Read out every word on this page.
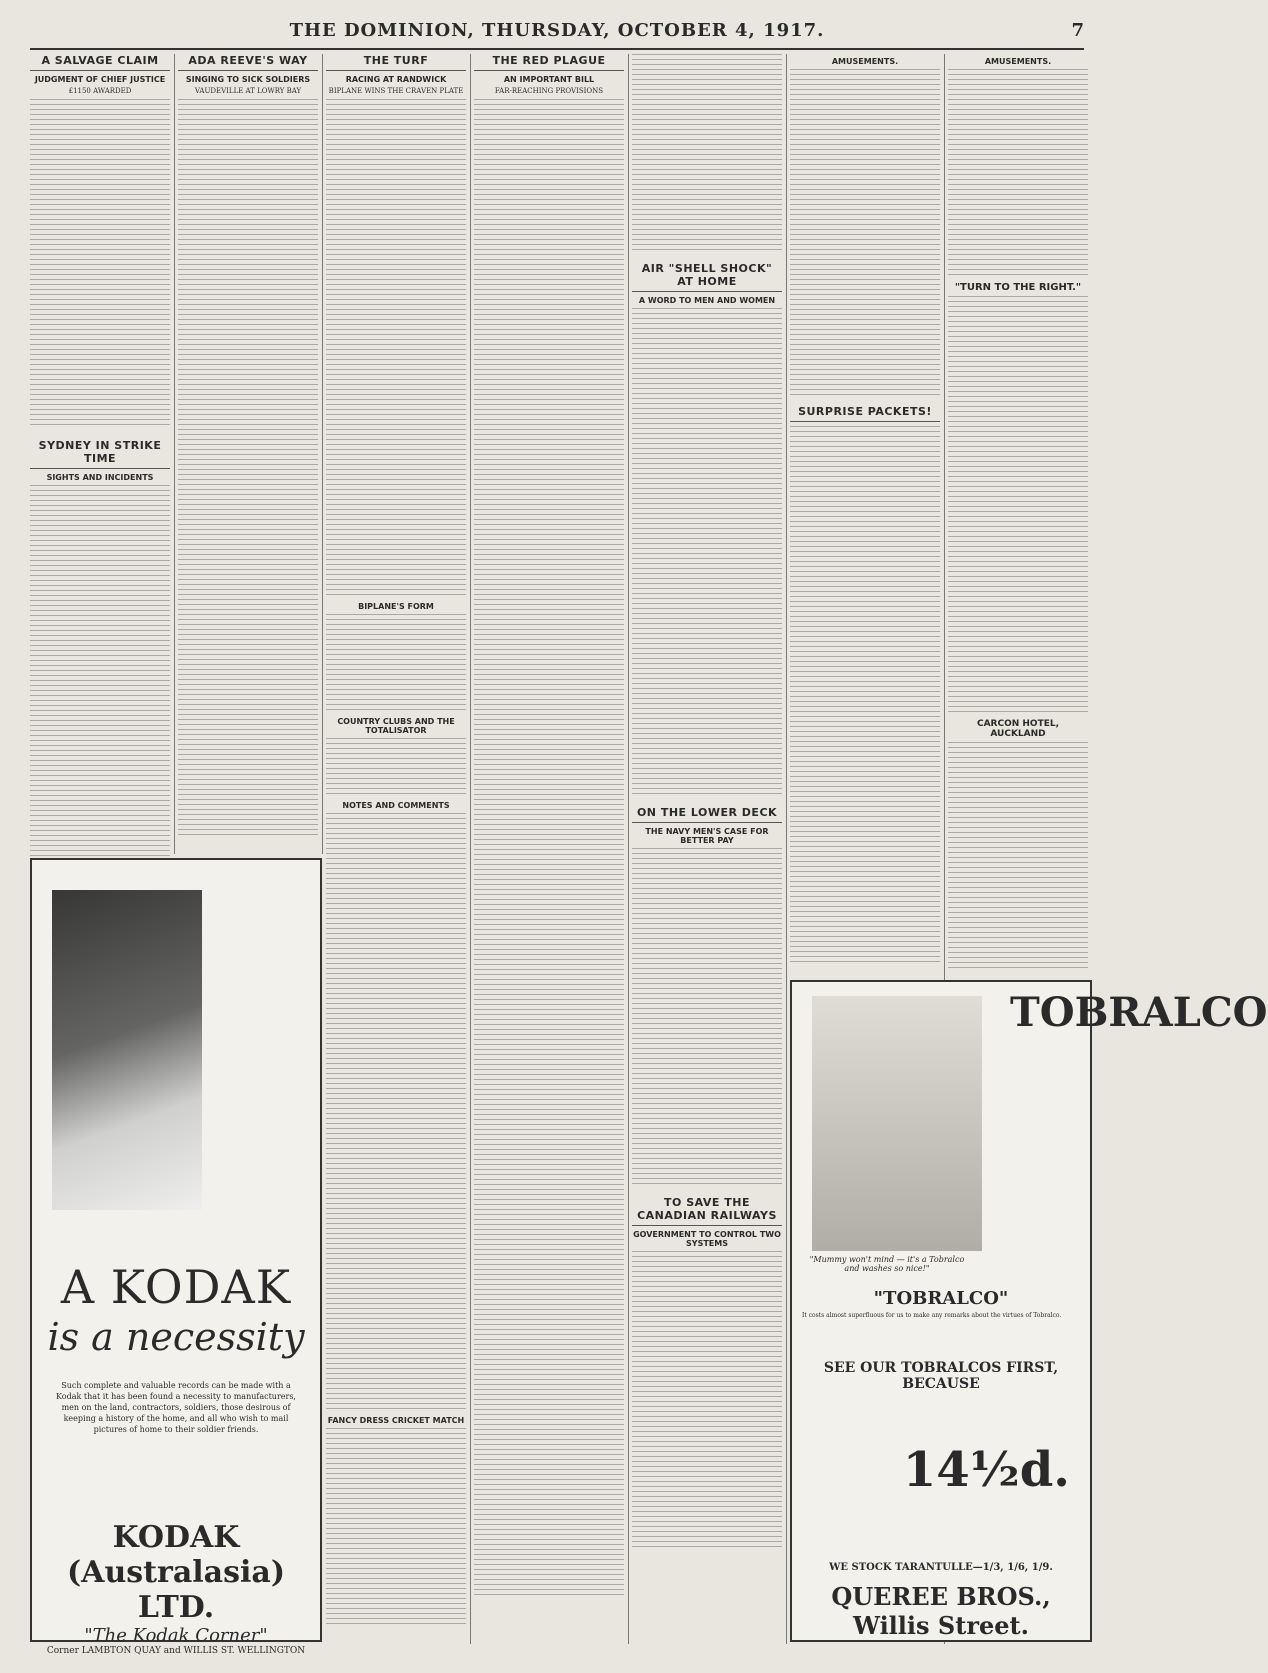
THE DOMINION, THURSDAY, OCTOBER 4, 1917.	7
A SALVAGE CLAIM
JUDGMENT OF CHIEF JUSTICE
£1150 AWARDED
SYDNEY IN STRIKE TIME
SIGHTS AND INCIDENTS
ADA REEVE'S WAY
SINGING TO SICK SOLDIERS
VAUDEVILLE AT LOWRY BAY
THE TURF
RACING AT RANDWICK
BIPLANE WINS THE CRAVEN PLATE
BIPLANE'S FORM
COUNTRY CLUBS AND THE TOTALISATOR
NOTES AND COMMENTS
FANCY DRESS CRICKET MATCH
THE RED PLAGUE
AN IMPORTANT BILL
FAR-REACHING PROVISIONS
AIR "SHELL SHOCK" AT HOME
A WORD TO MEN AND WOMEN
ON THE LOWER DECK
THE NAVY MEN'S CASE FOR BETTER PAY
TO SAVE THE CANADIAN RAILWAYS
GOVERNMENT TO CONTROL TWO SYSTEMS
AMUSEMENTS.
SURPRISE PACKETS!
AMUSEMENTS.
"TURN TO THE RIGHT."
CARCON HOTEL, AUCKLAND
A KODAK
is a necessity
Such complete and valuable records can be made with a Kodak that it has been found a necessity to manufacturers, men on the land, contractors, soldiers, those desirous of keeping a history of the home, and all who wish to mail pictures of home to their soldier friends.
KODAK (Australasia) LTD.
"The Kodak Corner"
Corner LAMBTON QUAY and WILLIS ST. WELLINGTON
TOBRALCO
"Mummy won't mind — it's a Tobralco and washes so nice!"
"TOBRALCO"
It costs almost superfluous for us to make any remarks about the virtues of Tobralco.
SEE OUR TOBRALCOS FIRST, BECAUSE
14½d.
WE STOCK TARANTULLE—1/3, 1/6, 1/9.
QUEREE BROS., Willis Street.
